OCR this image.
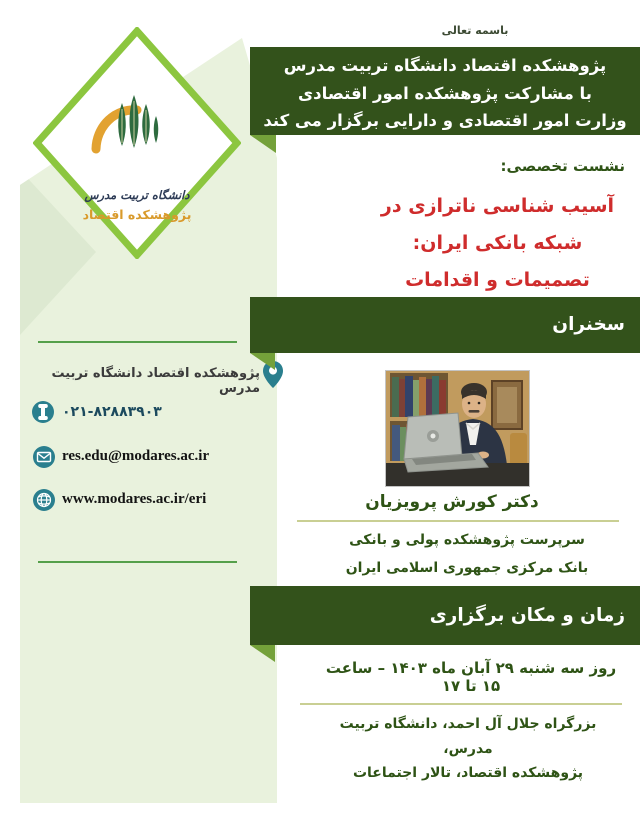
دانشگاه تربیت مدرس
پژوهشکده اقتصاد
پژوهشکده اقتصاد دانشگاه تربیت مدرس
۰۲۱-۸۲۸۸۳۹۰۳
res.edu@modares.ac.ir
www.modares.ac.ir/eri
باسمه تعالی
پژوهشکده اقتصاد دانشگاه تربیت مدرس
با مشارکت پژوهشکده امور اقتصادی
وزارت امور اقتصادی و دارایی برگزار می کند
نشست تخصصی:
آسیب شناسی ناترازی در شبکه بانکی ایران:
تصمیمات و اقدامات
سخنران
دکتر کورش پرویزیان
سرپرست پژوهشکده پولی و بانکی
بانک مرکزی جمهوری اسلامی ایران
زمان و مکان برگزاری
روز سه شنبه ۲۹ آبان ماه ۱۴۰۳ – ساعت ۱۵ تا ۱۷
بزرگراه جلال آل احمد، دانشگاه تربیت مدرس،
پژوهشکده اقتصاد، تالار اجتماعات
